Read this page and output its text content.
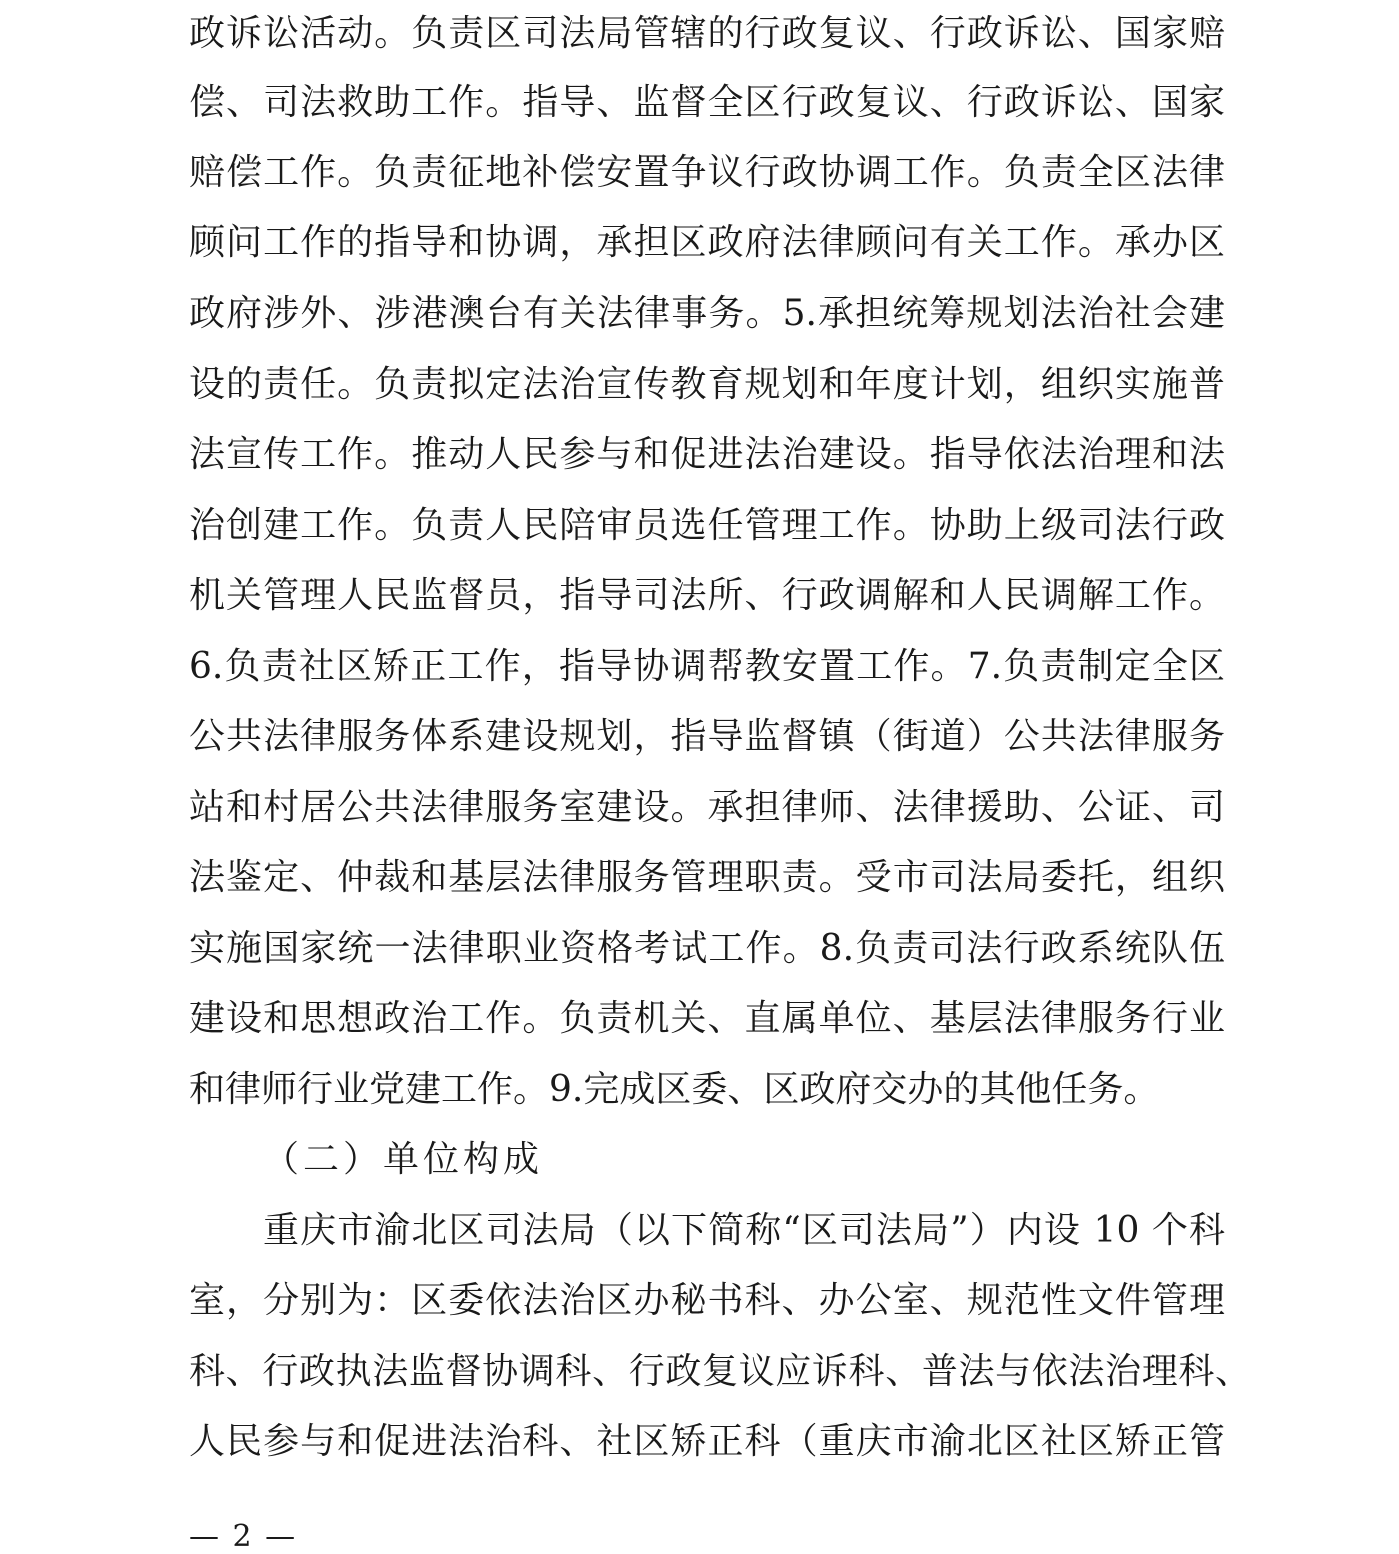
政诉讼活动。负责区司法局管辖的行政复议、行政诉讼、国家赔
偿、司法救助工作。指导、监督全区行政复议、行政诉讼、国家
赔偿工作。负责征地补偿安置争议行政协调工作。负责全区法律
顾问工作的指导和协调，承担区政府法律顾问有关工作。承办区
政府涉外、涉港澳台有关法律事务。5.承担统筹规划法治社会建
设的责任。负责拟定法治宣传教育规划和年度计划，组织实施普
法宣传工作。推动人民参与和促进法治建设。指导依法治理和法
治创建工作。负责人民陪审员选任管理工作。协助上级司法行政
机关管理人民监督员，指导司法所、行政调解和人民调解工作。
6.负责社区矫正工作，指导协调帮教安置工作。7.负责制定全区
公共法律服务体系建设规划，指导监督镇（街道）公共法律服务
站和村居公共法律服务室建设。承担律师、法律援助、公证、司
法鉴定、仲裁和基层法律服务管理职责。受市司法局委托，组织
实施国家统一法律职业资格考试工作。8.负责司法行政系统队伍
建设和思想政治工作。负责机关、直属单位、基层法律服务行业
和律师行业党建工作。9.完成区委、区政府交办的其他任务。
（二）单位构成
重庆市渝北区司法局（以下简称“区司法局”）内设 10 个科
室，分别为：区委依法治区办秘书科、办公室、规范性文件管理
科、行政执法监督协调科、行政复议应诉科、普法与依法治理科、
人民参与和促进法治科、社区矫正科（重庆市渝北区社区矫正管
— 2 —
